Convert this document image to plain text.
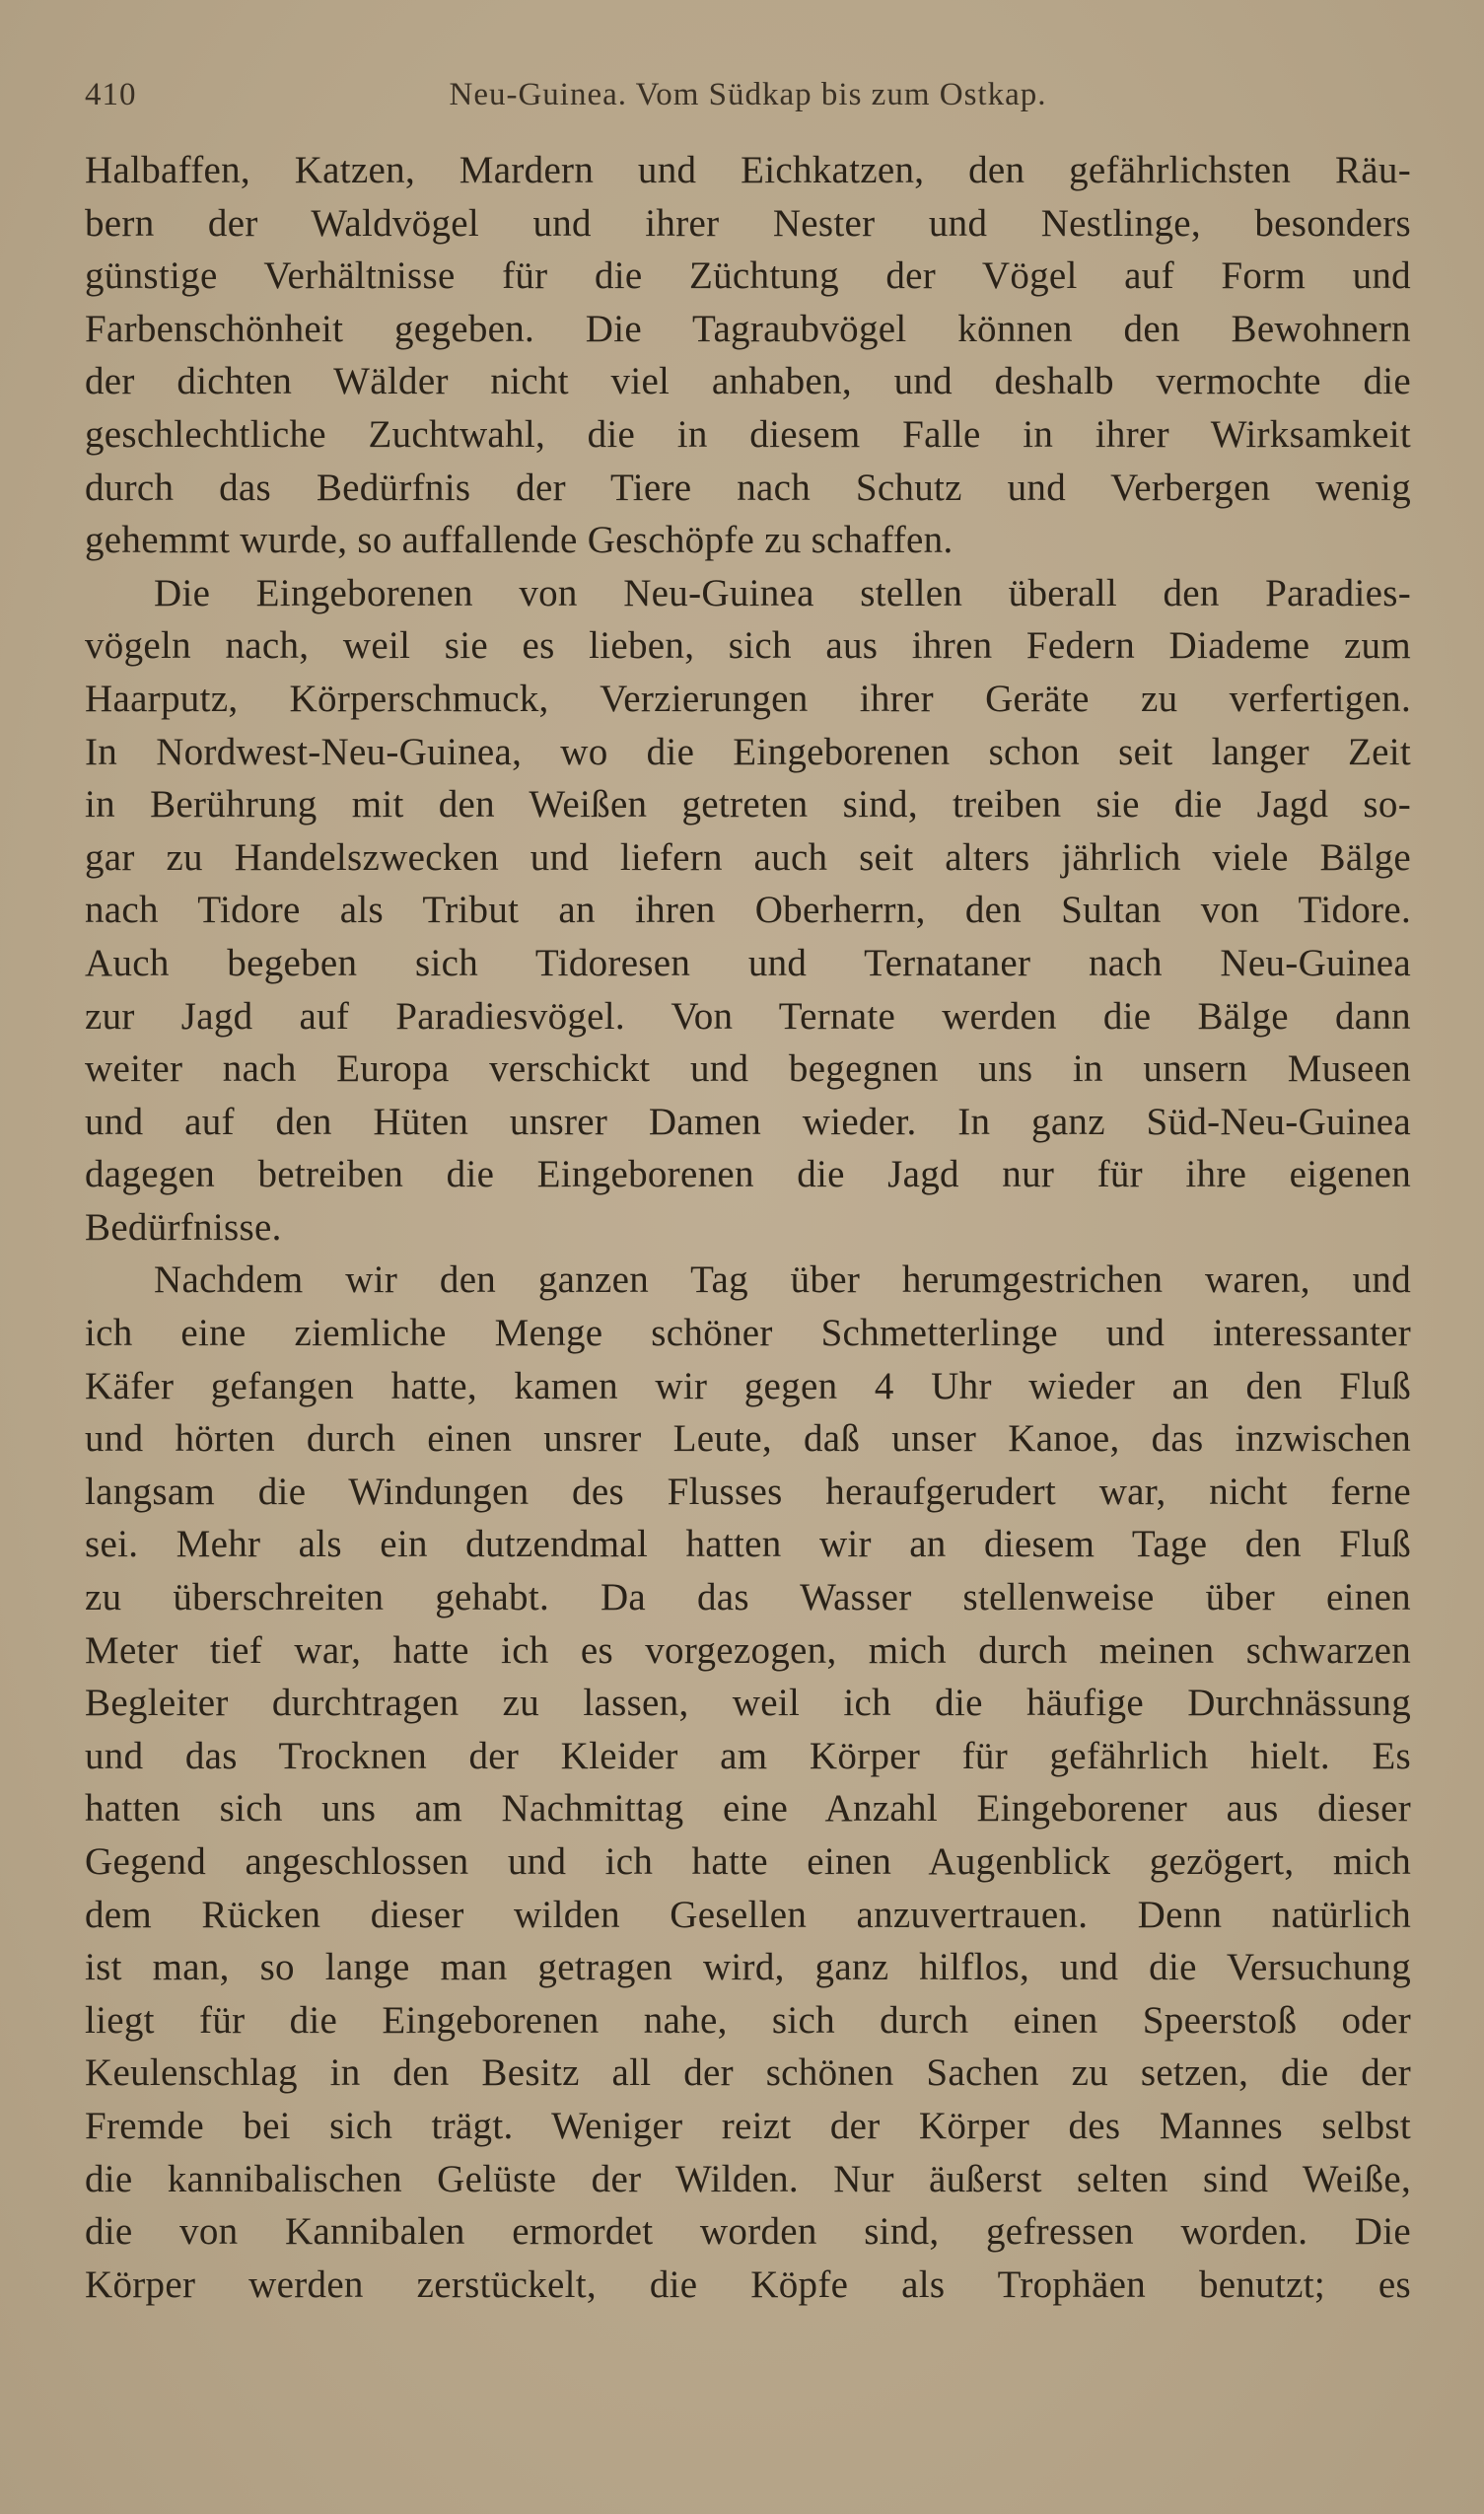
410	Neu-Guinea. Vom Südkap bis zum Ostkap.
Halbaffen, Katzen, Mardern und Eichkatzen, den gefährlichsten Räu-
bern der Waldvögel und ihrer Nester und Nestlinge, besonders
günstige Verhältnisse für die Züchtung der Vögel auf Form und
Farbenschönheit gegeben. Die Tagraubvögel können den Bewohnern
der dichten Wälder nicht viel anhaben, und deshalb vermochte die
geschlechtliche Zuchtwahl, die in diesem Falle in ihrer Wirksamkeit
durch das Bedürfnis der Tiere nach Schutz und Verbergen wenig
gehemmt wurde, so auffallende Geschöpfe zu schaffen.
Die Eingeborenen von Neu-Guinea stellen überall den Paradies-
vögeln nach, weil sie es lieben, sich aus ihren Federn Diademe zum
Haarputz, Körperschmuck, Verzierungen ihrer Geräte zu verfertigen.
In Nordwest-Neu-Guinea, wo die Eingeborenen schon seit langer Zeit
in Berührung mit den Weißen getreten sind, treiben sie die Jagd so-
gar zu Handelszwecken und liefern auch seit alters jährlich viele Bälge
nach Tidore als Tribut an ihren Oberherrn, den Sultan von Tidore.
Auch begeben sich Tidoresen und Ternataner nach Neu-Guinea
zur Jagd auf Paradiesvögel. Von Ternate werden die Bälge dann
weiter nach Europa verschickt und begegnen uns in unsern Museen
und auf den Hüten unsrer Damen wieder. In ganz Süd-Neu-Guinea
dagegen betreiben die Eingeborenen die Jagd nur für ihre eigenen
Bedürfnisse.
Nachdem wir den ganzen Tag über herumgestrichen waren, und
ich eine ziemliche Menge schöner Schmetterlinge und interessanter
Käfer gefangen hatte, kamen wir gegen 4 Uhr wieder an den Fluß
und hörten durch einen unsrer Leute, daß unser Kanoe, das inzwischen
langsam die Windungen des Flusses heraufgerudert war, nicht ferne
sei. Mehr als ein dutzendmal hatten wir an diesem Tage den Fluß
zu überschreiten gehabt. Da das Wasser stellenweise über einen
Meter tief war, hatte ich es vorgezogen, mich durch meinen schwarzen
Begleiter durchtragen zu lassen, weil ich die häufige Durchnässung
und das Trocknen der Kleider am Körper für gefährlich hielt. Es
hatten sich uns am Nachmittag eine Anzahl Eingeborener aus dieser
Gegend angeschlossen und ich hatte einen Augenblick gezögert, mich
dem Rücken dieser wilden Gesellen anzuvertrauen. Denn natürlich
ist man, so lange man getragen wird, ganz hilflos, und die Versuchung
liegt für die Eingeborenen nahe, sich durch einen Speerstoß oder
Keulenschlag in den Besitz all der schönen Sachen zu setzen, die der
Fremde bei sich trägt. Weniger reizt der Körper des Mannes selbst
die kannibalischen Gelüste der Wilden. Nur äußerst selten sind Weiße,
die von Kannibalen ermordet worden sind, gefressen worden. Die
Körper werden zerstückelt, die Köpfe als Trophäen benutzt; es
